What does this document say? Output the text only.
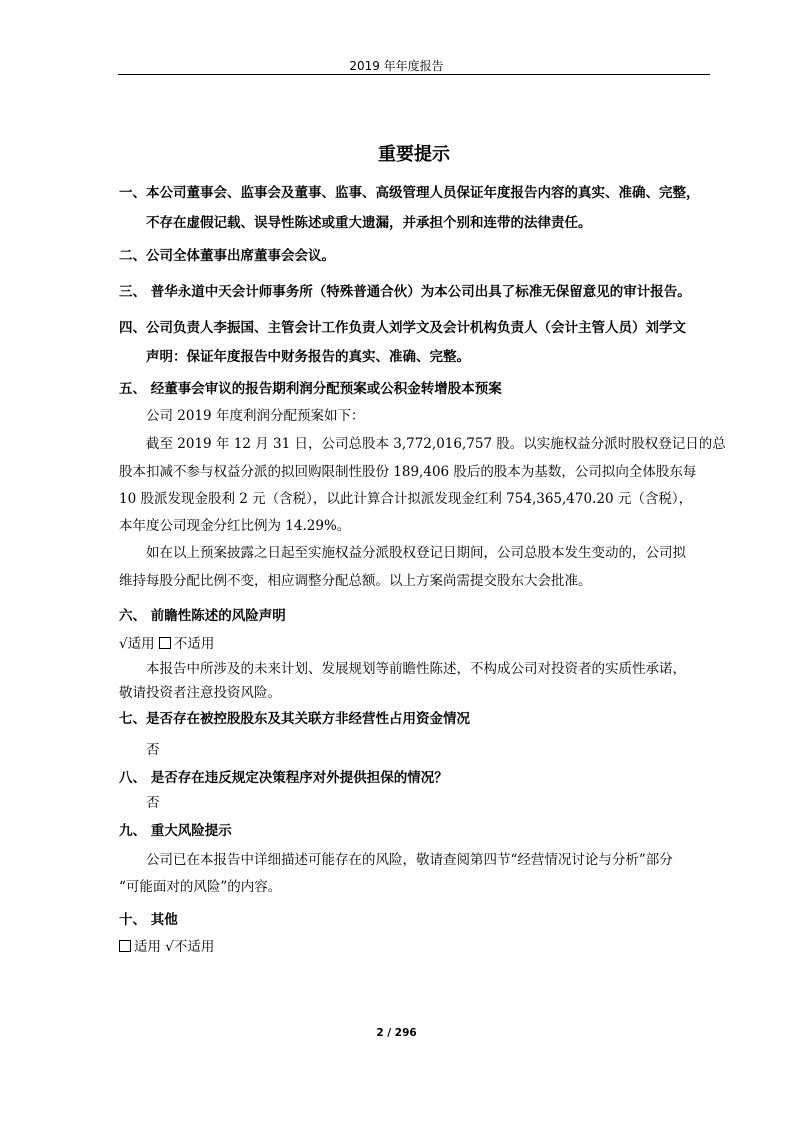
2019 年年度报告
重要提示
一、本公司董事会、监事会及董事、监事、高级管理人员保证年度报告内容的真实、准确、完整，
不存在虚假记载、误导性陈述或重大遗漏，并承担个别和连带的法律责任。
二、公司全体董事出席董事会会议。
三、 普华永道中天会计师事务所（特殊普通合伙）为本公司出具了标准无保留意见的审计报告。
四、公司负责人李振国、主管会计工作负责人刘学文及会计机构负责人（会计主管人员）刘学文
声明：保证年度报告中财务报告的真实、准确、完整。
五、 经董事会审议的报告期利润分配预案或公积金转增股本预案
公司 2019 年度利润分配预案如下：
截至 2019 年 12 月 31 日，公司总股本 3,772,016,757 股。以实施权益分派时股权登记日的总
股本扣减不参与权益分派的拟回购限制性股份 189,406 股后的股本为基数，公司拟向全体股东每
10 股派发现金股利 2 元（含税），以此计算合计拟派发现金红利 754,365,470.20 元（含税），
本年度公司现金分红比例为 14.29%。
如在以上预案披露之日起至实施权益分派股权登记日期间，公司总股本发生变动的，公司拟
维持每股分配比例不变，相应调整分配总额。以上方案尚需提交股东大会批准。
六、 前瞻性陈述的风险声明
√适用 不适用
本报告中所涉及的未来计划、发展规划等前瞻性陈述，不构成公司对投资者的实质性承诺，
敬请投资者注意投资风险。
七、是否存在被控股股东及其关联方非经营性占用资金情况
否
八、 是否存在违反规定决策程序对外提供担保的情况？
否
九、 重大风险提示
公司已在本报告中详细描述可能存在的风险，敬请查阅第四节“经营情况讨论与分析”部分
“可能面对的风险”的内容。
十、 其他
适用 √不适用
2 / 296
